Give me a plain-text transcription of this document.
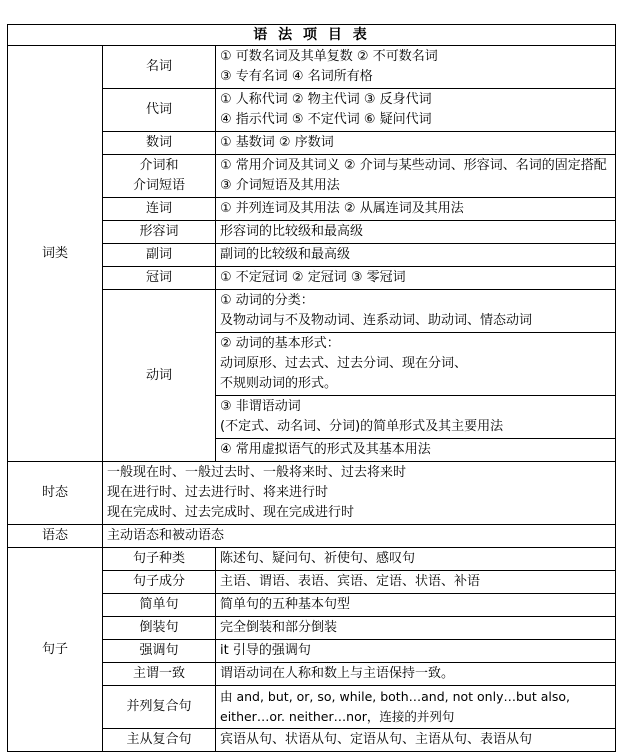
语 法 项 目 表		
词类	名词	① 可数名词及其单复数 ② 不可数名词
③ 专有名词 ④ 名词所有格

	代词	① 人称代词 ② 物主代词 ③ 反身代词
④ 指示代词 ⑤ 不定代词 ⑥ 疑问代词

	数词	① 基数词 ② 序数词

	介词和
介词短语	① 常用介词及其词义 ② 介词与某些动词、形容词、名词的固定搭配 ③ 介词短语及其用法

	连词	① 并列连词及其用法 ② 从属连词及其用法

	形容词	形容词的比较级和最高级

	副词	副词的比较级和最高级

	冠词	① 不定冠词 ② 定冠词 ③ 零冠词

	动词	① 动词的分类：
及物动词与不及物动词、连系动词、助动词、情态动词

		② 动词的基本形式：
动词原形、过去式、过去分词、现在分词、
不规则动词的形式。

		③ 非谓语动词
(不定式、动名词、分词)的简单形式及其主要用法

		④ 常用虚拟语气的形式及其基本用法

时态	一般现在时、一般过去时、一般将来时、过去将来时
现在进行时、过去进行时、将来进行时
现在完成时、过去完成时、现在完成进行时	

语态	主动语态和被动语态	

句子	句子种类	陈述句、疑问句、祈使句、感叹句
	句子成分	主语、谓语、表语、宾语、定语、状语、补语
	简单句	简单句的五种基本句型
	倒装句	完全倒装和部分倒装
	强调句	it 引导的强调句
	主谓一致	谓语动词在人称和数上与主语保持一致。
	并列复合句	由 and, but, or, so, while, both…and, not only…but also,
either…or. neither…nor，连接的并列句

	主从复合句	宾语从句、状语从句、定语从句、主语从句、表语从句
